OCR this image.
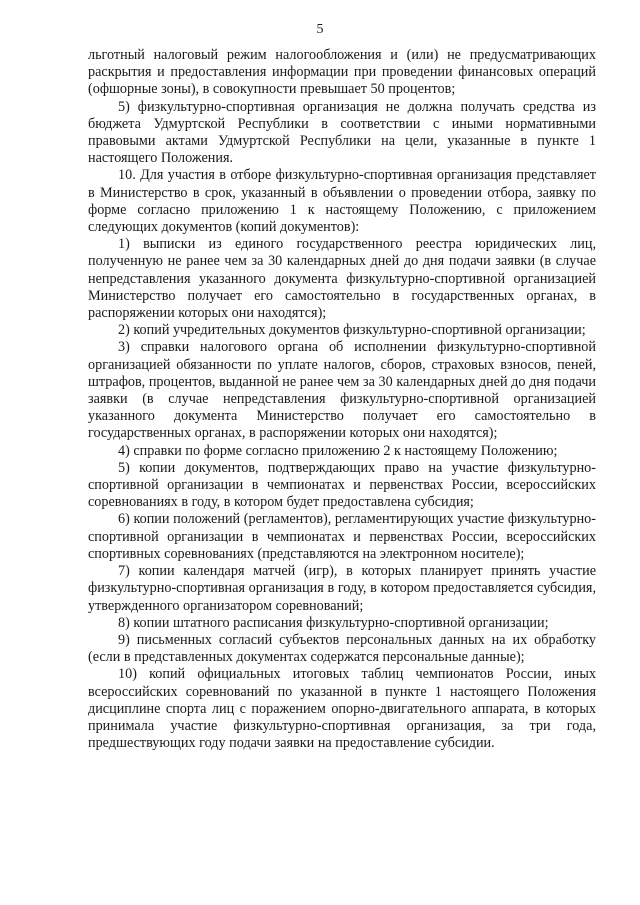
5

льготный налоговый режим налогообложения и (или) не предусматривающих раскрытия и предоставления информации при проведении финансовых операций (офшорные зоны), в совокупности превышает 50 процентов;

5) физкультурно-спортивная организация не должна получать средства из бюджета Удмуртской Республики в соответствии с иными нормативными правовыми актами Удмуртской Республики на цели, указанные в пункте 1 настоящего Положения.

10. Для участия в отборе физкультурно-спортивная организация представляет в Министерство в срок, указанный в объявлении о проведении отбора, заявку по форме согласно приложению 1 к настоящему Положению, с приложением следующих документов (копий документов):

1) выписки из единого государственного реестра юридических лиц, полученную не ранее чем за 30 календарных дней до дня подачи заявки (в случае непредставления указанного документа физкультурно-спортивной организацией Министерство получает его самостоятельно в государственных органах, в распоряжении которых они находятся);

2) копий учредительных документов физкультурно-спортивной организации;

3) справки налогового органа об исполнении физкультурно-спортивной организацией обязанности по уплате налогов, сборов, страховых взносов, пеней, штрафов, процентов, выданной не ранее чем за 30 календарных дней до дня подачи заявки (в случае непредставления физкультурно-спортивной организацией указанного документа Министерство получает его самостоятельно в государственных органах, в распоряжении которых они находятся);

4) справки по форме согласно приложению 2 к настоящему Положению;

5) копии документов, подтверждающих право на участие физкультурно-спортивной организации в чемпионатах и первенствах России, всероссийских соревнованиях в году, в котором будет предоставлена субсидия;

6) копии положений (регламентов), регламентирующих участие физкультурно-спортивной организации в чемпионатах и первенствах России, всероссийских спортивных соревнованиях (представляются на электронном носителе);

7) копии календаря матчей (игр), в которых планирует принять участие физкультурно-спортивная организация в году, в котором предоставляется субсидия, утвержденного организатором соревнований;

8) копии штатного расписания физкультурно-спортивной организации;

9) письменных согласий субъектов персональных данных на их обработку (если в представленных документах содержатся персональные данные);

10) копий официальных итоговых таблиц чемпионатов России, иных всероссийских соревнований по указанной в пункте 1 настоящего Положения дисциплине спорта лиц с поражением опорно-двигательного аппарата, в которых принимала участие физкультурно-спортивная организация, за три года, предшествующих году подачи заявки на предоставление субсидии.
